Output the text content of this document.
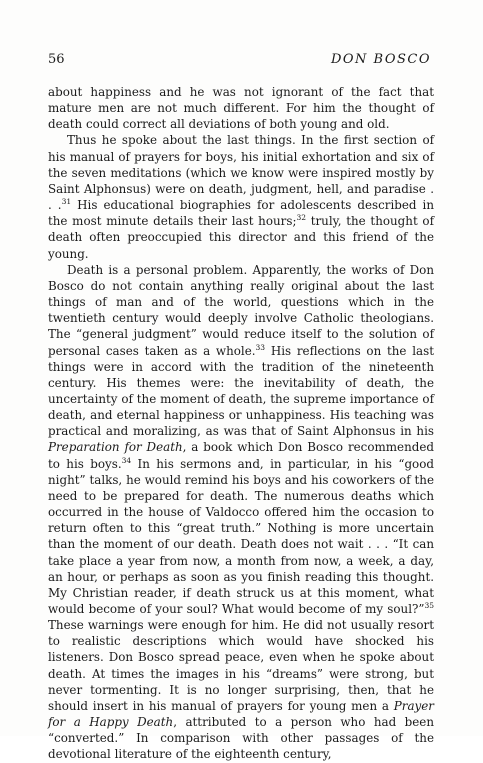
56	DON BOSCO

about happiness and he was not ignorant of the fact that mature men are not much different. For him the thought of death could correct all deviations of both young and old.

Thus he spoke about the last things. In the first section of his manual of prayers for boys, his initial exhortation and six of the seven meditations (which we know were inspired mostly by Saint Alphonsus) were on death, judgment, hell, and paradise . . .$^{31}$ His educational biographies for adolescents described in the most minute details their last hours;$^{32}$ truly, the thought of death often preoccupied this director and this friend of the young.

Death is a personal problem. Apparently, the works of Don Bosco do not contain anything really original about the last things of man and of the world, questions which in the twentieth century would deeply involve Catholic theologians. The “general judgment” would reduce itself to the solution of personal cases taken as a whole.$^{33}$ His reflections on the last things were in accord with the tradition of the nineteenth century. His themes were: the inevitability of death, the uncertainty of the moment of death, the supreme importance of death, and eternal happiness or unhappiness. His teaching was practical and moralizing, as was that of Saint Alphonsus in his Preparation for Death, a book which Don Bosco recommended to his boys.$^{34}$ In his sermons and, in particular, in his “good night” talks, he would remind his boys and his coworkers of the need to be prepared for death. The numerous deaths which occurred in the house of Valdocco offered him the occasion to return often to this “great truth.” Nothing is more uncertain than the moment of our death. Death does not wait . . . “It can take place a year from now, a month from now, a week, a day, an hour, or perhaps as soon as you finish reading this thought. My Christian reader, if death struck us at this moment, what would become of your soul? What would become of my soul?”$^{35}$ These warnings were enough for him. He did not usually resort to realistic descriptions which would have shocked his listeners. Don Bosco spread peace, even when he spoke about death. At times the images in his “dreams” were strong, but never tormenting. It is no longer surprising, then, that he should insert in his manual of prayers for young men a Prayer for a Happy Death, attributed to a person who had been “converted.” In comparison with other passages of the devotional literature of the eighteenth century,
